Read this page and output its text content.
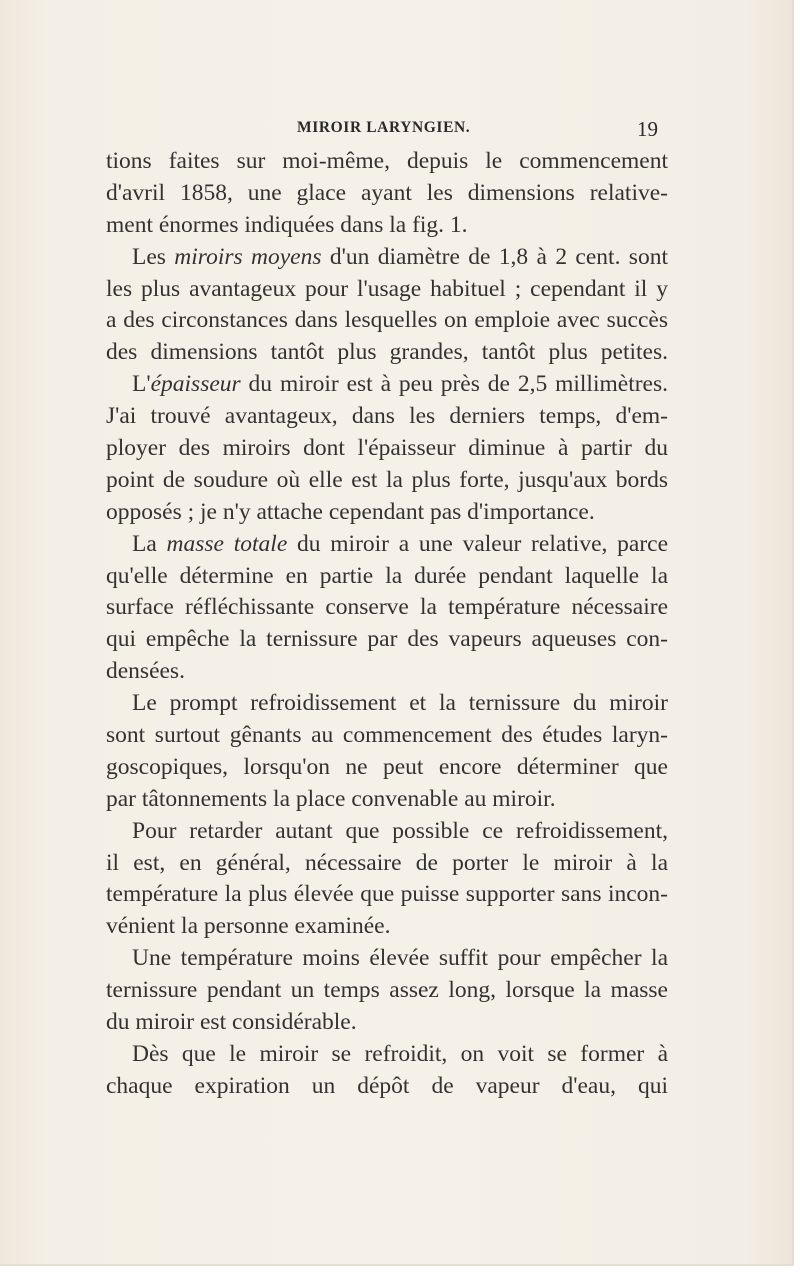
MIROIR LARYNGIEN.	19
tions faites sur moi-même, depuis le commencement
d'avril 1858, une glace ayant les dimensions relative-
ment énormes indiquées dans la fig. 1.
Les miroirs moyens d'un diamètre de 1,8 à 2 cent. sont
les plus avantageux pour l'usage habituel ; cependant il y
a des circonstances dans lesquelles on emploie avec succès
des dimensions tantôt plus grandes, tantôt plus petites.
L'épaisseur du miroir est à peu près de 2,5 millimètres.
J'ai trouvé avantageux, dans les derniers temps, d'em-
ployer des miroirs dont l'épaisseur diminue à partir du
point de soudure où elle est la plus forte, jusqu'aux bords
opposés ; je n'y attache cependant pas d'importance.
La masse totale du miroir a une valeur relative, parce
qu'elle détermine en partie la durée pendant laquelle la
surface réfléchissante conserve la température nécessaire
qui empêche la ternissure par des vapeurs aqueuses con-
densées.
Le prompt refroidissement et la ternissure du miroir
sont surtout gênants au commencement des études laryn-
goscopiques, lorsqu'on ne peut encore déterminer que
par tâtonnements la place convenable au miroir.
Pour retarder autant que possible ce refroidissement,
il est, en général, nécessaire de porter le miroir à la
température la plus élevée que puisse supporter sans incon-
vénient la personne examinée.
Une température moins élevée suffit pour empêcher la
ternissure pendant un temps assez long, lorsque la masse
du miroir est considérable.
Dès que le miroir se refroidit, on voit se former à
chaque expiration un dépôt de vapeur d'eau, qui
